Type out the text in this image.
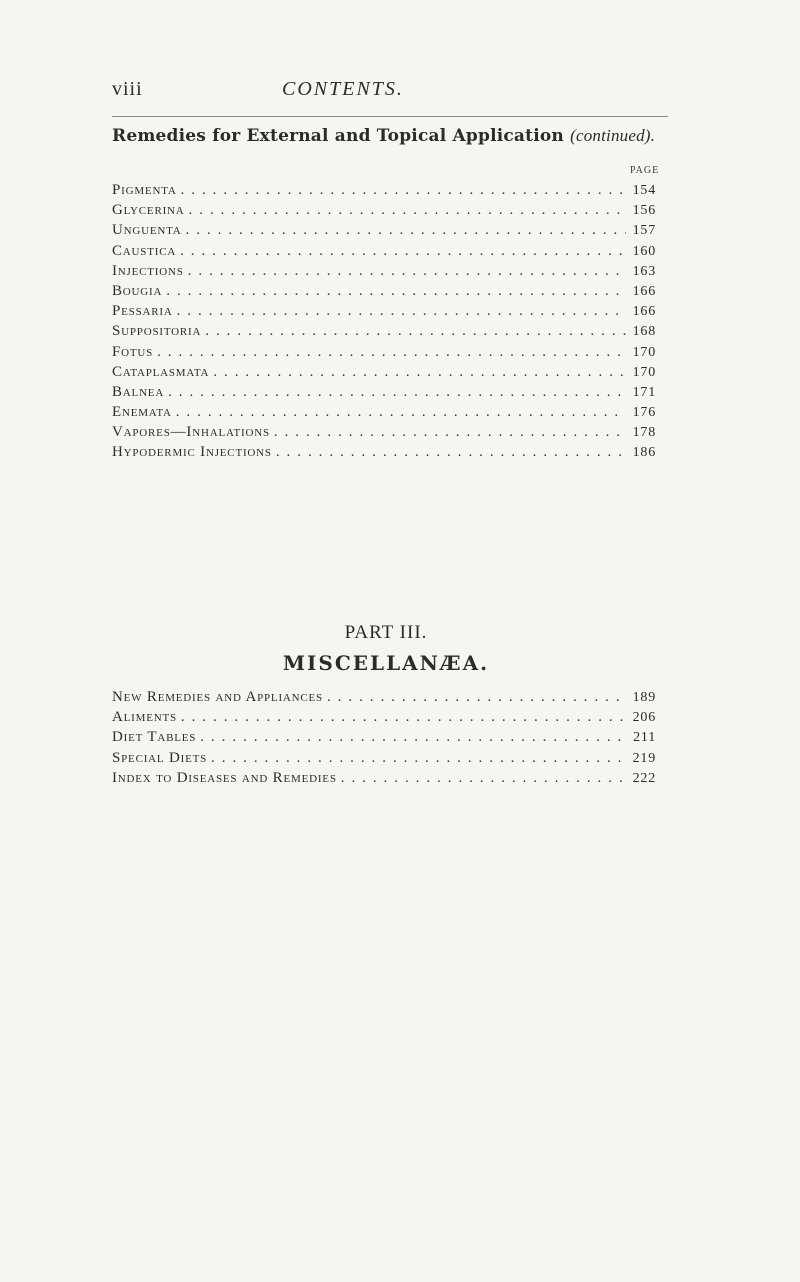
viii	CONTENTS.
Remedies for External and Topical Application (continued).
PAGE
Pigmenta . . .	154
Glycerina . . .	156
Unguenta . . .	157
Caustica . . .	160
Injections . . .	163
Bougia . . .	166
Pessaria . . .	166
Suppositoria . . .	168
Fotus . . .	170
Cataplasmata . . .	170
Balnea . . .	171
Enemata . . .	176
Vapores—Inhalations . . .	178
Hypodermic Injections . . .	186
PART III.
MISCELLANÆA.
New Remedies and Appliances . . .	189
Aliments . . .	206
Diet Tables . . .	211
Special Diets . . .	219
Index to Diseases and Remedies . . .	222
